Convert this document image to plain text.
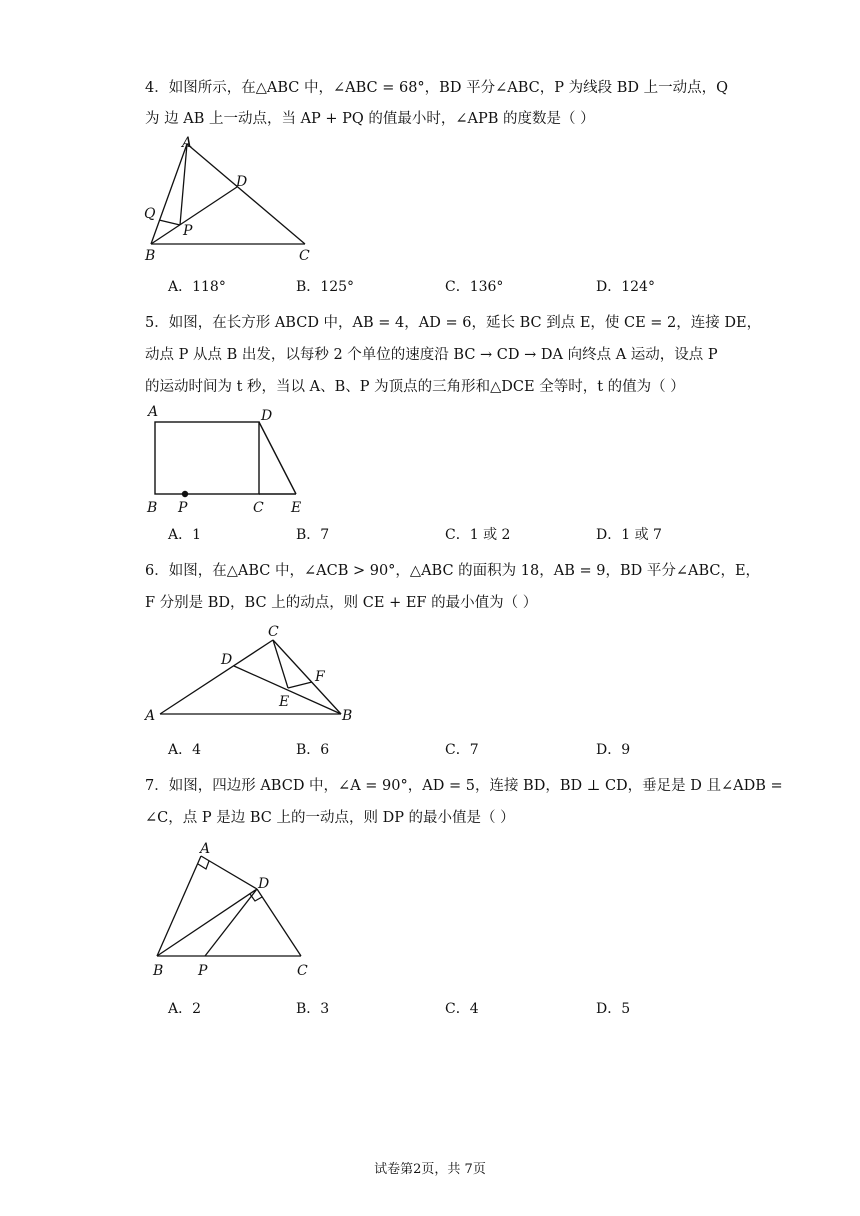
4．如图所示，在△ABC 中，∠ABC = 68°，BD 平分∠ABC，P 为线段 BD 上一动点，Q
为 边 AB 上一动点，当 AP + PQ 的值最小时，∠APB 的度数是（ ）
A
D
Q
P
B	C
A．118°	B．125°	C．136°	D．124°
5．如图，在长方形 ABCD 中，AB = 4，AD = 6，延长 BC 到点 E，使 CE = 2，连接 DE，
动点 P 从点 B 出发，以每秒 2 个单位的速度沿 BC → CD → DA 向终点 A 运动，设点 P
的运动时间为 t 秒，当以 A、B、P 为顶点的三角形和△DCE 全等时，t 的值为（ ）
A	D
B P	C E
A．1	B．7	C．1 或 2	D．1 或 7
6．如图，在△ABC 中，∠ACB > 90°，△ABC 的面积为 18，AB = 9，BD 平分∠ABC，E，
F 分别是 BD，BC 上的动点，则 CE + EF 的最小值为（ ）
C
D
F
E
A	B
A．4	B．6	C．7	D．9
7．如图，四边形 ABCD 中，∠A = 90°，AD = 5，连接 BD，BD ⊥ CD，垂足是 D 且∠ADB =
∠C，点 P 是边 BC 上的一动点，则 DP 的最小值是（ ）
A
D
B P	C
A．2	B．3	C．4	D．5
试卷第2页，共 7页
